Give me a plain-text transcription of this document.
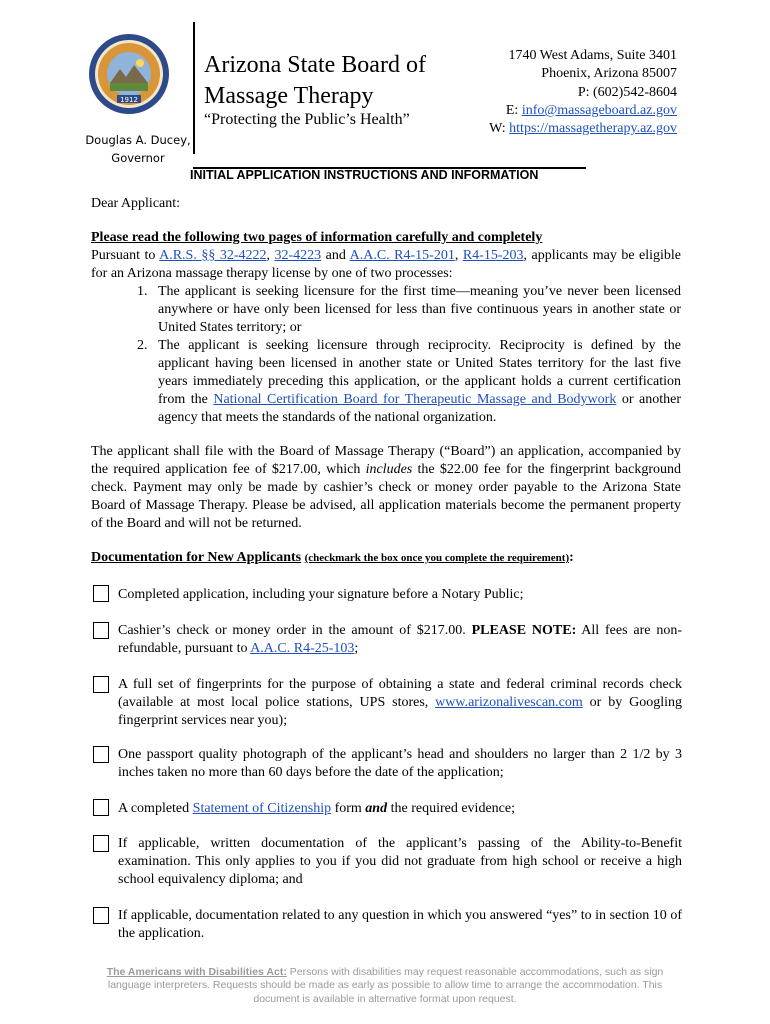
1912
Douglas A. Ducey,
Governor
Arizona State Board of
Massage Therapy
“Protecting the Public’s Health”
1740 West Adams, Suite 3401
Phoenix, Arizona 85007
P: (602)542-8604
E: info@massageboard.az.gov
W: https://massagetherapy.az.gov
INITIAL APPLICATION INSTRUCTIONS AND INFORMATION
Dear Applicant:
Please read the following two pages of information carefully and completely
Pursuant to A.R.S. §§ 32-4222, 32-4223 and A.A.C. R4-15-201, R4-15-203, applicants may be eligible for an Arizona massage therapy license by one of two processes:
1. The applicant is seeking licensure for the first time—meaning you’ve never been licensed anywhere or have only been licensed for less than five continuous years in another state or United States territory; or
2. The applicant is seeking licensure through reciprocity. Reciprocity is defined by the applicant having been licensed in another state or United States territory for the last five years immediately preceding this application, or the applicant holds a current certification from the National Certification Board for Therapeutic Massage and Bodywork or another agency that meets the standards of the national organization.
The applicant shall file with the Board of Massage Therapy (“Board”) an application, accompanied by the required application fee of $217.00, which includes the $22.00 fee for the fingerprint background check. Payment may only be made by cashier’s check or money order payable to the Arizona State Board of Massage Therapy. Please be advised, all application materials become the permanent property of the Board and will not be returned.
Documentation for New Applicants (checkmark the box once you complete the requirement):
Completed application, including your signature before a Notary Public;
Cashier’s check or money order in the amount of $217.00. PLEASE NOTE: All fees are non-refundable, pursuant to A.A.C. R4-25-103;
A full set of fingerprints for the purpose of obtaining a state and federal criminal records check (available at most local police stations, UPS stores, www.arizonalivescan.com or by Googling fingerprint services near you);
One passport quality photograph of the applicant’s head and shoulders no larger than 2 1/2 by 3 inches taken no more than 60 days before the date of the application;
A completed Statement of Citizenship form and the required evidence;
If applicable, written documentation of the applicant’s passing of the Ability-to-Benefit examination. This only applies to you if you did not graduate from high school or receive a high school equivalency diploma; and
If applicable, documentation related to any question in which you answered “yes” to in section 10 of the application.
The Americans with Disabilities Act: Persons with disabilities may request reasonable accommodations, such as sign language interpreters. Requests should be made as early as possible to allow time to arrange the accommodation. This document is available in alternative format upon request.
